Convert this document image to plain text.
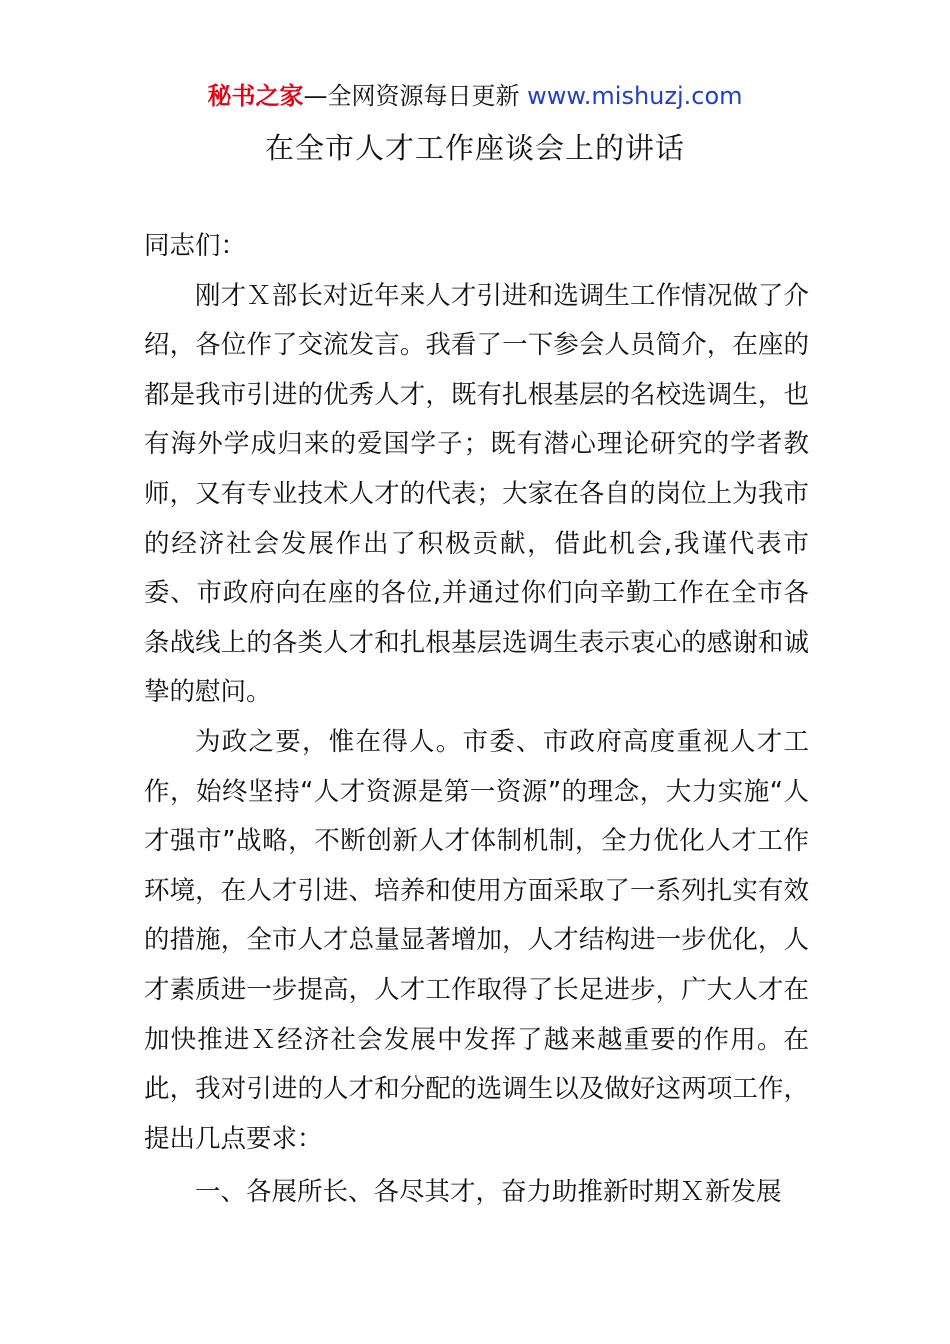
秘书之家—全网资源每日更新 www.mishuzj.com
在全市人才工作座谈会上的讲话

同志们：

刚才Ｘ部长对近年来人才引进和选调生工作情况做了介绍，各位作了交流发言。我看了一下参会人员简介，在座的都是我市引进的优秀人才，既有扎根基层的名校选调生，也有海外学成归来的爱国学子；既有潜心理论研究的学者教师，又有专业技术人才的代表；大家在各自的岗位上为我市的经济社会发展作出了积极贡献，借此机会,我谨代表市委、市政府向在座的各位,并通过你们向辛勤工作在全市各条战线上的各类人才和扎根基层选调生表示衷心的感谢和诚挚的慰问。

为政之要，惟在得人。市委、市政府高度重视人才工作，始终坚持“人才资源是第一资源”的理念，大力实施“人才强市”战略，不断创新人才体制机制，全力优化人才工作环境，在人才引进、培养和使用方面采取了一系列扎实有效的措施，全市人才总量显著增加，人才结构进一步优化，人才素质进一步提高，人才工作取得了长足进步，广大人才在加快推进Ｘ经济社会发展中发挥了越来越重要的作用。在此，我对引进的人才和分配的选调生以及做好这两项工作，提出几点要求：

一、各展所长、各尽其才，奋力助推新时期Ｘ新发展
